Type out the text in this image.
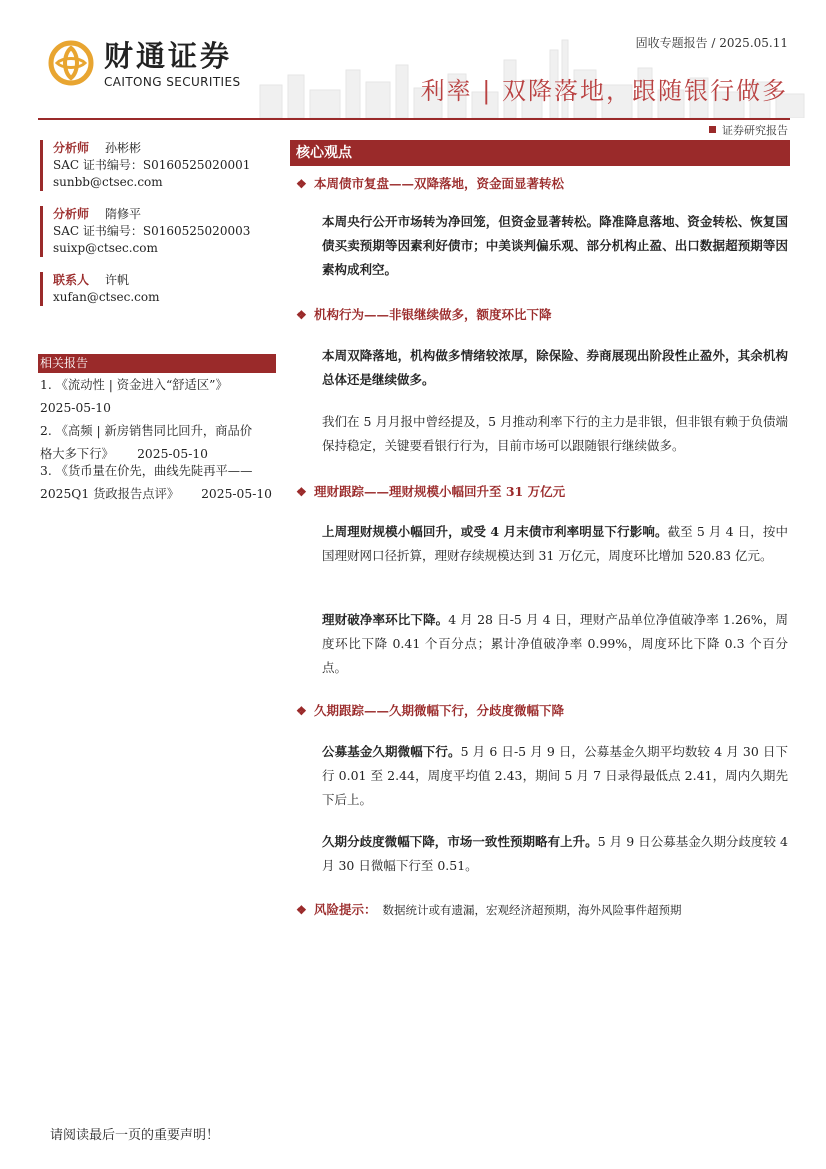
财通证券
CAITONG SECURITIES
固收专题报告 / 2025.05.11
利率 | 双降落地，跟随银行做多
证券研究报告
分析师 孙彬彬
SAC 证书编号：S0160525020001
sunbb@ctsec.com
分析师 隋修平
SAC 证书编号：S0160525020003
suixp@ctsec.com
联系人 许帆
xufan@ctsec.com
相关报告
1. 《流动性 | 资金进入“舒适区”》
2025-05-10
2. 《高频 | 新房销售同比回升，商品价
格大多下行》 2025-05-10
3. 《货币量在价先，曲线先陡再平——
2025Q1 货政报告点评》 2025-05-10
核心观点
❖ 本周债市复盘——双降落地，资金面显著转松
本周央行公开市场转为净回笼，但资金显著转松。降准降息落地、资金转松、恢复国债买卖预期等因素利好债市；中美谈判偏乐观、部分机构止盈、出口数据超预期等因素构成利空。
❖ 机构行为——非银继续做多，额度环比下降
本周双降落地，机构做多情绪较浓厚，除保险、券商展现出阶段性止盈外，其余机构总体还是继续做多。
我们在 5 月月报中曾经提及，5 月推动利率下行的主力是非银，但非银有赖于负债端保持稳定，关键要看银行行为，目前市场可以跟随银行继续做多。
❖ 理财跟踪——理财规模小幅回升至 31 万亿元
上周理财规模小幅回升，或受 4 月末债市利率明显下行影响。截至 5 月 4 日，按中国理财网口径折算，理财存续规模达到 31 万亿元，周度环比增加 520.83 亿元。
理财破净率环比下降。4 月 28 日-5 月 4 日，理财产品单位净值破净率 1.26%，周度环比下降 0.41 个百分点；累计净值破净率 0.99%，周度环比下降 0.3 个百分点。
❖ 久期跟踪——久期微幅下行，分歧度微幅下降
公募基金久期微幅下行。5 月 6 日-5 月 9 日，公募基金久期平均数较 4 月 30 日下行 0.01 至 2.44，周度平均值 2.43，期间 5 月 7 日录得最低点 2.41，周内久期先下后上。
久期分歧度微幅下降，市场一致性预期略有上升。5 月 9 日公募基金久期分歧度较 4 月 30 日微幅下行至 0.51。
❖ 风险提示： 数据统计或有遗漏，宏观经济超预期，海外风险事件超预期
请阅读最后一页的重要声明！
